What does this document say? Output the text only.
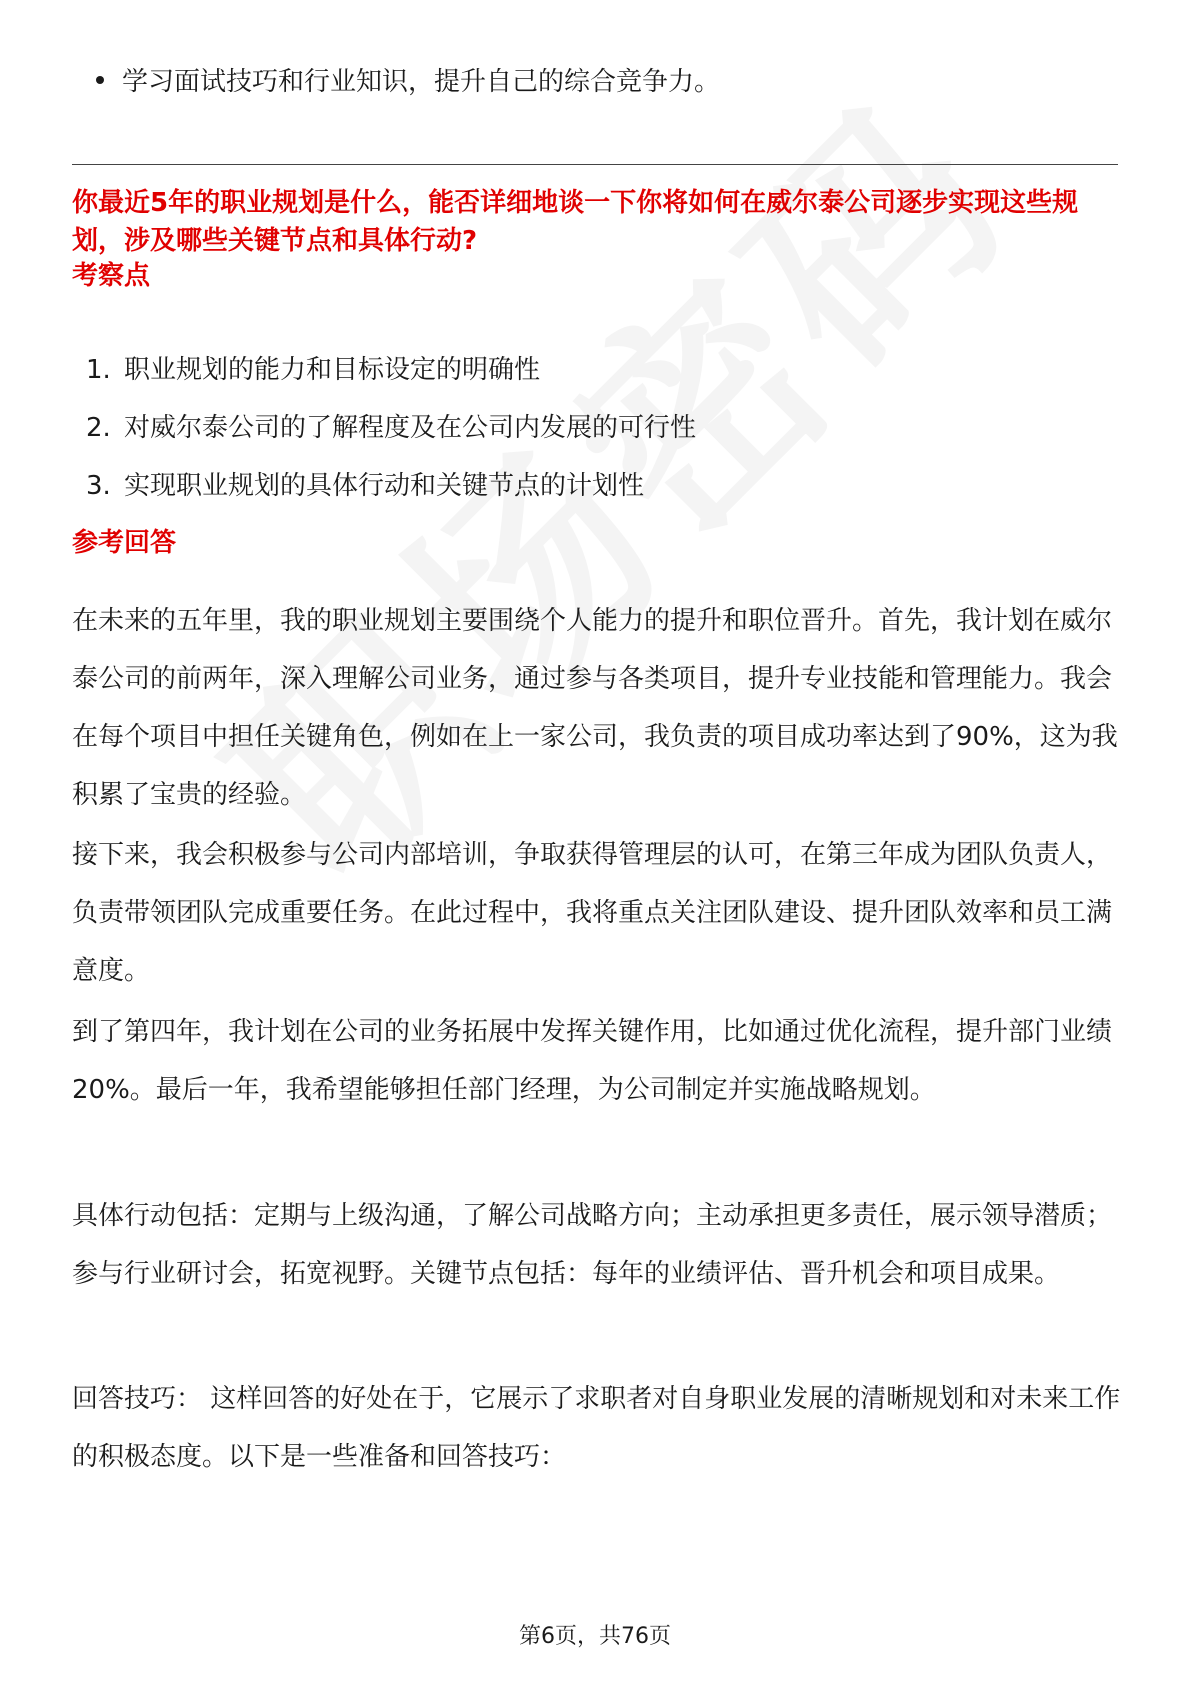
学习面试技巧和行业知识，提升自己的综合竞争力。
你最近5年的职业规划是什么，能否详细地谈一下你将如何在威尔泰公司逐步实现这些规划，涉及哪些关键节点和具体行动?
考察点
1. 职业规划的能力和目标设定的明确性
2. 对威尔泰公司的了解程度及在公司内发展的可行性
3. 实现职业规划的具体行动和关键节点的计划性
参考回答

在未来的五年里，我的职业规划主要围绕个人能力的提升和职位晋升。首先，我计划在威尔泰公司的前两年，深入理解公司业务，通过参与各类项目，提升专业技能和管理能力。我会在每个项目中担任关键角色，例如在上一家公司，我负责的项目成功率达到了90%，这为我积累了宝贵的经验。

接下来，我会积极参与公司内部培训，争取获得管理层的认可，在第三年成为团队负责人，负责带领团队完成重要任务。在此过程中，我将重点关注团队建设、提升团队效率和员工满意度。

到了第四年，我计划在公司的业务拓展中发挥关键作用，比如通过优化流程，提升部门业绩20%。最后一年，我希望能够担任部门经理，为公司制定并实施战略规划。

具体行动包括：定期与上级沟通，了解公司战略方向；主动承担更多责任，展示领导潜质；参与行业研讨会，拓宽视野。关键节点包括：每年的业绩评估、晋升机会和项目成果。

回答技巧： 这样回答的好处在于，它展示了求职者对自身职业发展的清晰规划和对未来工作的积极态度。以下是一些准备和回答技巧：

第6页，共76页
